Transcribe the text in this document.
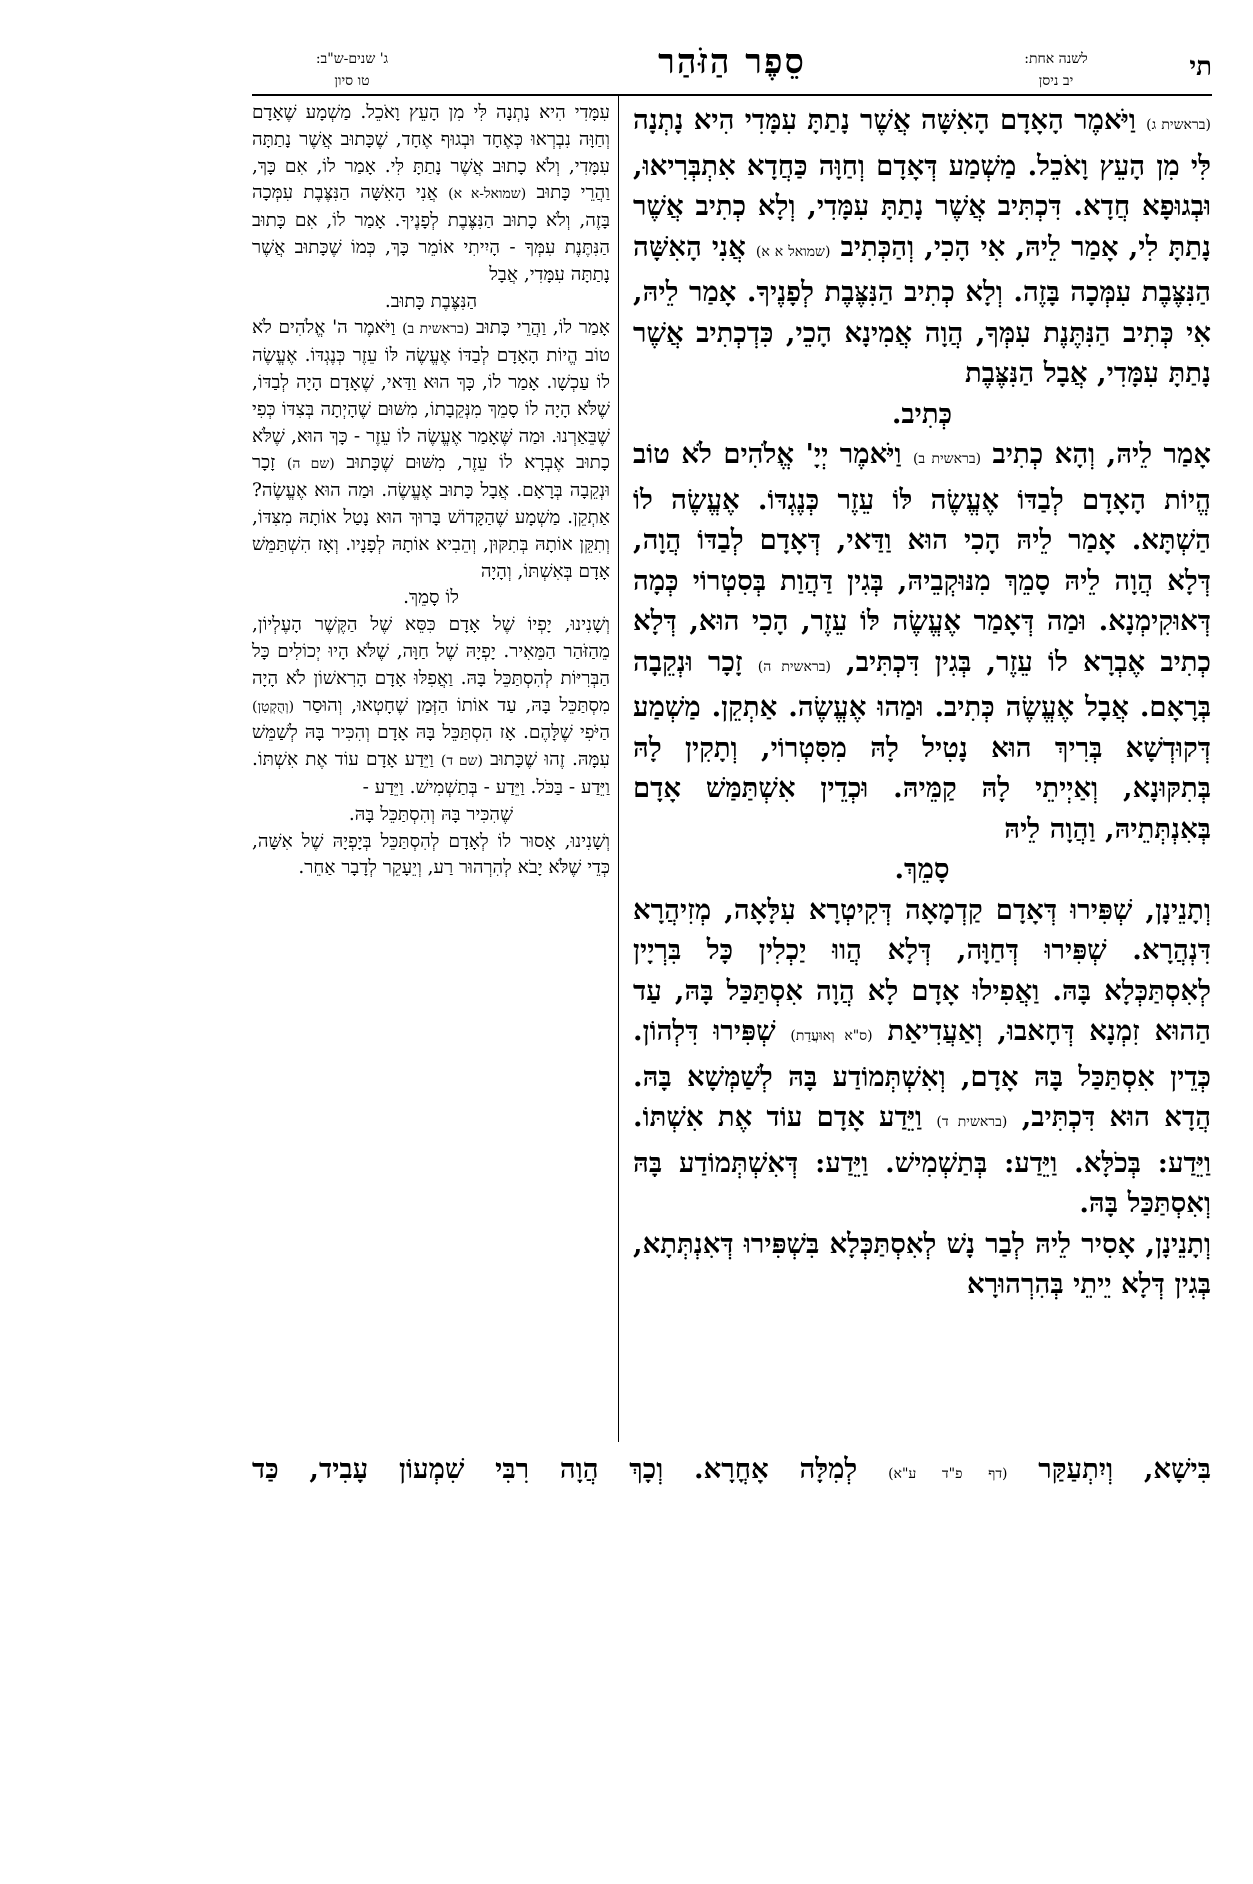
תי
לשנה אחת:
יב ניסן
סֵפֶר הַזֹּהַר
ג' שנים-ש"ב:
טו סיון

(בראשית ג) וַיֹּאמֶר הָאָדָם הָאִשָּׁה אֲשֶׁר נָתַתָּ עִמָּדִי הִיא נָתְנָה לִּי מִן הָעֵץ וָאֹכֵל. מַשְׁמַע דְּאָדָם וְחַוָּה כַּחֲדָא אִתְבְּרִיאוּ, וּבְגוּפָא חֲדָא. דִּכְתִּיב אֲשֶׁר נָתַתָּ עִמָּדִי, וְלָא כְתִיב אֲשֶׁר נָתַתָּ לִי, אָמַר לֵיהּ, אִי הָכִי, וְהַכְּתִיב (שמואל א א) אֲנִי הָאִשָּׁה הַנִּצֶּבֶת עִמְּכָה בָּזֶה. וְלָא כְתִיב הַנִּצֶּבֶת לְפָנֶיךָ. אָמַר לֵיהּ, אִי כְּתִיב הַנִּתֶּנֶת עִמְּךָ, הֲוָה אֲמִינָא הָכֵי, כִּדְכְתִיב אֲשֶׁר נָתַתָּ עִמָּדִי, אֲבָל הַנִּצֶּבֶת

כְּתִיב.

אָמַר לֵיהּ, וְהָא כְתִיב (בראשית ב) וַיֹּאמֶר יְיָ' אֱלֹהִים לֹא טוֹב הֱיוֹת הָאָדָם לְבַדּוֹ אֶעֱשֶׂה לּוֹ עֵזֶר כְּנֶגְדּוֹ. אֶעֱשֶׂה לוֹ הַשְׁתָּא. אָמַר לֵיהּ הָכִי הוּא וַדַּאי, דְּאָדָם לְבַדּוֹ הֲוָה, דְּלָא הֲוָה לֵיהּ סָמֵךְ מִנּוּקְבֵיהּ, בְּגִין דַּהֲוַת בְּסִטְרוֹי כְּמָה דְּאוּקִימְנָא. וּמַה דְּאָמַר אֶעֱשֶׂה לּוֹ עֵזֶר, הָכִי הוּא, דְּלָא כְתִיב אֶבְרָא לוֹ עֵזֶר, בְּגִין דִּכְתִּיב, (בראשית ה) זָכָר וּנְקֵבָה בְּרָאָם. אֲבָל אֶעֱשֶׂה כְּתִיב. וּמַהוּ אֶעֱשֶׂה. אַתְקֵן. מַשְׁמַע דְּקוּדְשָׁא בְּרִיךְ הוּא נָטִיל לָהּ מִסִּטְרוֹי, וְתָקִין לָהּ בְּתִקּוּנָא, וְאַיְיתֵי לָהּ קַמֵּיהּ. וּכְדֵין אִשְׁתַּמַּשׁ אָדָם בְּאִנְתְּתֵיהּ, וַהֲוָה לֵיהּ

סָמֵךְ.

וְתָנֵינָן, שְׁפִּירוּ דְּאָדָם קַדְמָאָה דְּקִיטְרָא עִלָּאָה, מְזִיהֲרָא דִּנְהֲרָא. שְׁפִּירוּ דְּחַוָּה, דְּלָא הֲווּ יַכְלִין כָּל בִּרְיָין לְאִסְתַּכְּלָא בָּהּ. וַאֲפִילוּ אָדָם לָא הֲוָה אִסְתַּכַּל בָּהּ, עַד הַהוּא זִמְנָא דְּחָאבוּ, וְאַעֲדִיאַת (ס"א וְאוּעֲדַת) שְׁפִּירוּ דִּלְהוֹן. כְּדֵין אִסְתַּכַּל בָּהּ אָדָם, וְאִשְׁתְּמוֹדַע בָּהּ לְשַׁמְּשָׁא בָּהּ. הֲדָא הוּא דִּכְתִּיב, (בראשית ד) וַיֵּדַע אָדָם עוֹד אֶת אִשְׁתּוֹ. וַיֵּדַע: בְּכֹלָּא. וַיֵּדַע: בְּתַשְׁמִישׁ. וַיֵּדַע: דְּאִשְׁתְּמוֹדַע בָּהּ וְאִסְתַּכַּל בָּהּ.

וְתָנֵינָן, אָסִיר לֵיהּ לְבַר נָשׁ לְאִסְתַּכְּלָא בִּשְׁפִּירוּ דְּאִנְתְּתָא, בְּגִין דְּלָא יֵיתֵי בְּהִרְהוּרָא

עִמָּדִי הִיא נָתְנָה לִּי מִן הָעֵץ וָאֹכֵל. מַשְׁמָע שֶׁאָדָם וְחַוָּה נִבְרְאוּ כְּאֶחָד וּבְגוּף אֶחָד, שֶׁכָּתוּב אֲשֶׁר נָתַתָּה עִמָּדִי, וְלֹא כָתוּב אֲשֶׁר נָתַתָּ לִּי. אָמַר לוֹ, אִם כָּךְ, וַהֲרֵי כָּתוּב (שמואל-א א) אֲנִי הָאִשָּׁה הַנִּצֶּבֶת עִמְּכָה בָּזֶה, וְלֹא כָתוּב הַנִּצֶּבֶת לְפָנֶיךָ. אָמַר לוֹ, אִם כָּתוּב הַנִּתֶּנֶת עִמְּךָ - הָיִיתִי אוֹמֵר כָּךְ, כְּמוֹ שֶׁכָּתוּב אֲשֶׁר נָתַתָּה עִמָּדִי, אֲבָל

הַנִּצֶּבֶת כָּתוּב.

אָמַר לוֹ, וַהֲרֵי כָּתוּב (בראשית ב) וַיֹּאמֶר ה' אֱלֹהִים לֹא טוֹב הֱיוֹת הָאָדָם לְבַדּוֹ אֶעֱשֶׂה לּוֹ עֵזֶר כְּנֶגְדּוֹ. אֶעֱשֶׂה לוֹ עַכְשָׁו. אָמַר לוֹ, כָּךְ הוּא וַדַּאי, שֶׁאָדָם הָיָה לְבַדּוֹ, שֶׁלֹּא הָיָה לוֹ סָמֵךְ מִנְּקֵבָתוֹ, מִשּׁוּם שֶׁהָיְתָה בְּצִדּוֹ כְּפִי שֶׁבֵּאַרְנוּ. וּמַה שֶּׁאָמַר אֶעֱשֶׂה לוֹ עֵזֶר - כָּךְ הוּא, שֶׁלֹּא כָתוּב אֶבְרָא לוֹ עֵזֶר, מִשּׁוּם שֶׁכָּתוּב (שם ה) זָכָר וּנְקֵבָה בְּרָאָם. אֲבָל כָּתוּב אֶעֱשֶׂה. וּמַה הוּא אֶעֱשֶׂה? אַתְקֵן. מַשְׁמָע שֶׁהַקָּדוֹשׁ בָּרוּךְ הוּא נָטַל אוֹתָהּ מִצִּדּוֹ, וְתִקֵּן אוֹתָהּ בְּתִקּוּן, וְהֵבִיא אוֹתָהּ לְפָנָיו. וְאָז הִשְׁתַּמֵּשׁ אָדָם בְּאִשְׁתּוֹ, וְהָיָה

לוֹ סָמֵךְ.

וְשָׁנִינוּ, יָפְיוֹ שֶׁל אָדָם כִּסֵּא שֶׁל הַקֶּשֶׁר הָעֶלְיוֹן, מֵהַזֹּהַר הַמֵּאִיר. יָפְיָהּ שֶׁל חַוָּה, שֶׁלֹּא הָיוּ יְכוֹלִים כָּל הַבְּרִיּוֹת לְהִסְתַּכֵּל בָּהּ. וַאֲפִלּוּ אָדָם הָרִאשׁוֹן לֹא הָיָה מִסְתַּכֵּל בָּהּ, עַד אוֹתוֹ הַזְּמַן שֶׁחָטְאוּ, וְהוּסַר (וְהֻקְטַן) הַיֹּפִי שֶׁלָּהֶם. אָז הִסְתַּכֵּל בָּהּ אָדָם וְהִכִּיר בָּהּ לְשַׁמֵּשׁ עִמָּהּ. זֶהוּ שֶׁכָּתוּב (שם ד) וַיֵּדַע אָדָם עוֹד אֶת אִשְׁתּוֹ. וַיֵּדַע - בַּכֹּל. וַיֵּדַע - בְּתַשְׁמִישׁ. וַיֵּדַע -

שֶׁהִכִּיר בָּהּ וְהִסְתַּכֵּל בָּהּ.

וְשָׁנִינוּ, אָסוּר לוֹ לְאָדָם לְהִסְתַּכֵּל בְּיָפְיָהּ שֶׁל אִשָּׁה, כְּדֵי שֶׁלֹּא יָבֹא לְהִרְהוּר רַע, וְיֵעָקֵר לְדָבָר אַחֵר.

בִּישָׁא, וְיִתְעַקַּר (דף פ"ד ע"א) לְמִלָּה אָחֳרָא. וְכָךְ הֲוָה רִבִּי שִׁמְעוֹן עָבִיד, כַּד
